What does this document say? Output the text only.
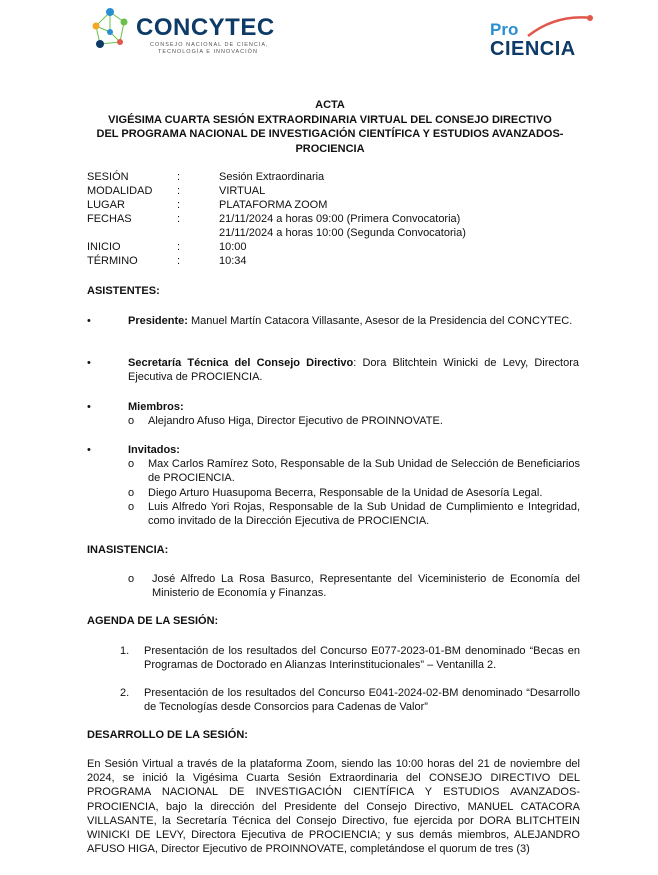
CONCYTEC
CONSEJO NACIONAL DE CIENCIA,
TECNOLOGÍA E INNOVACIÓN
Pro
CIENCIA
ACTA
VIGÉSIMA CUARTA SESIÓN EXTRAORDINARIA VIRTUAL DEL CONSEJO DIRECTIVO
DEL PROGRAMA NACIONAL DE INVESTIGACIÓN CIENTÍFICA Y ESTUDIOS AVANZADOS-
PROCIENCIA
SESIÓN	:	Sesión Extraordinaria
MODALIDAD	:	VIRTUAL
LUGAR	:	PLATAFORMA ZOOM
FECHAS	:	21/11/2024 a horas 09:00 (Primera Convocatoria)
21/11/2024 a horas 10:00 (Segunda Convocatoria)
INICIO	:	10:00
TÉRMINO	:	10:34
ASISTENTES:
•	Presidente: Manuel Martín Catacora Villasante, Asesor de la Presidencia del CONCYTEC.
•	Secretaría Técnica del Consejo Directivo: Dora Blitchtein Winicki de Levy, Directora Ejecutiva de PROCIENCIA.
•	Miembros:
o Alejandro Afuso Higa, Director Ejecutivo de PROINNOVATE.
•	Invitados:
o Max Carlos Ramírez Soto, Responsable de la Sub Unidad de Selección de Beneficiarios de PROCIENCIA.
o Diego Arturo Huasupoma Becerra, Responsable de la Unidad de Asesoría Legal.
o Luis Alfredo Yori Rojas, Responsable de la Sub Unidad de Cumplimiento e Integridad, como invitado de la Dirección Ejecutiva de PROCIENCIA.
INASISTENCIA:
o José Alfredo La Rosa Basurco, Representante del Viceministerio de Economía del Ministerio de Economía y Finanzas.
AGENDA DE LA SESIÓN:
1. Presentación de los resultados del Concurso E077-2023-01-BM denominado “Becas en Programas de Doctorado en Alianzas Interinstitucionales” – Ventanilla 2.
2. Presentación de los resultados del Concurso E041-2024-02-BM denominado “Desarrollo de Tecnologías desde Consorcios para Cadenas de Valor”
DESARROLLO DE LA SESIÓN:
En Sesión Virtual a través de la plataforma Zoom, siendo las 10:00 horas del 21 de noviembre del 2024, se inició la Vigésima Cuarta Sesión Extraordinaria del CONSEJO DIRECTIVO DEL PROGRAMA NACIONAL DE INVESTIGACIÓN CIENTÍFICA Y ESTUDIOS AVANZADOS-PROCIENCIA, bajo la dirección del Presidente del Consejo Directivo, MANUEL CATACORA VILLASANTE, la Secretaría Técnica del Consejo Directivo, fue ejercida por DORA BLITCHTEIN WINICKI DE LEVY, Directora Ejecutiva de PROCIENCIA; y sus demás miembros, ALEJANDRO AFUSO HIGA, Director Ejecutivo de PROINNOVATE, completándose el quorum de tres (3)
